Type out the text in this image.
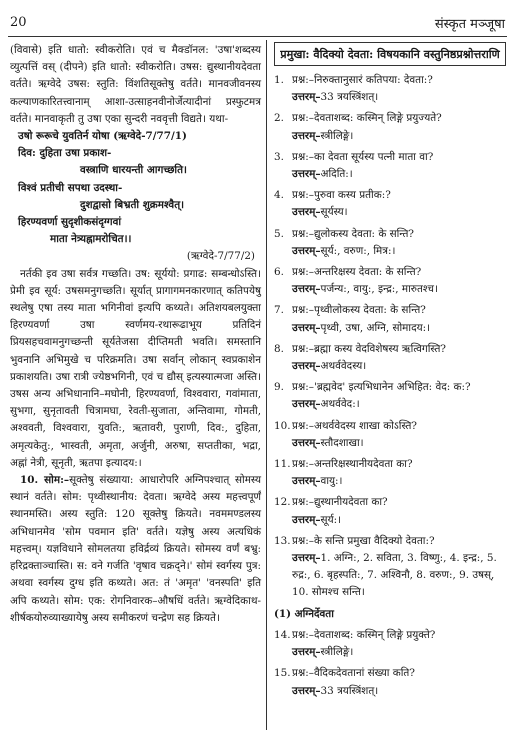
20	संस्कृत मञ्जूषा

(विवासे) इति धातो: स्वीकरोति। एवं च मैक्डॉनल: 'उषा'शब्दस्य व्युत्पत्तिं वस् (दीपने) इति धातो: स्वीकरोति। उषस: द्युस्थानीयदेवता वर्तते। ऋग्वेदे उषस: स्तुति: विंशतिसूक्तेषु वर्तते। मानवजीवनस्य कल्याणकारितत्त्वानाम् आशा-उत्साहनवीनोर्जेत्यादीनां प्रस्फुटमत्र वर्तते। मानवाकृती तु उषा एका सुन्दरी नववृत्ती विद्यते। यथा-

उषो रूरूचे युवतिर्न योषा (ऋग्वेदे-7/77/1)

दिव: दुहिता उषा प्रकाश-

वस्त्राणि धारयन्ती आगच्छति।

विश्वं प्रतीची सपथा उदस्था-

दुशद्वासो बिभ्रती शुक्रमश्वैत्।

हिरण्यवर्णा सुदृशीकसंदृग्गवां

माता नेत्र्यह्नामरोचित।।

(ऋग्वेदे-7/77/2)

नर्तकी इव उषा सर्वत्र गच्छति। उष: सूर्ययो: प्रगाढ: सम्बन्धोऽस्ति। प्रेमी इव सूर्य: उषसमनुगच्छति। सूर्यात् प्रागागमनकारणात् कतिपयेषु स्थलेषु एषा तस्य माता भगिनीवां इत्यपि कथ्यते। अतिशयबलयुक्ता हिरण्यवर्णा उषा स्वर्णमय-रथारूढाभूय प्रतिदिनं प्रियसहचवामनुगच्छन्ती सूर्यतेजसा दीप्तिमती भवति। समस्तानि भुवनानि अभिमुखे च परिक्रमति। उषा सर्वान् लोकान् स्वप्रकाशेन प्रकाशयति। उषा रात्री ज्येष्ठभगिनी, एवं च द्यौस् इत्यस्यात्मजा अस्ति। उषस अन्य अभिधानानि–मघोनी, हिरण्यवर्णा, विश्ववारा, गवांमाता, सुभगा, सुनृतावती चित्रामघा, रेवती-सुजाता, अन्तिवामा, गोमती, अश्ववती, विश्ववारा, युवति:, ऋतावरी, पुराणी, दिव:, दुहिता, अमृत्यकेतु:, भास्वती, अमृता, अर्जुनी, अरुषा, सप्ततीका, भद्रा, अह्नां नेत्री, सूनृती, ऋतपा इत्यादय:।

10. सोम:–सूक्तेषु संख्याया: आधारोपरि अग्निपश्चात् सोमस्य स्थानं वर्तते। सोम: पृथ्वीस्थानीय: देवता। ऋग्वेदे अस्य महत्त्वपूर्णं स्थानमस्ति। अस्य स्तुति: 120 सूक्तेषु क्रियते। नवममण्डलस्य अभिधानमेव 'सोम पवमान इति' वर्तते। यज्ञेषु अस्य अत्यधिकं महत्त्वम्। यज्ञविधाने सोमलतया हविर्द्रव्यं क्रियते। सोमस्य वर्णं बभ्रु: हरिद्रक्ताञ्चास्ति। स: वने गर्जति 'वृषाव चक्रद्ने।' सोमं स्वर्गस्य पुत्र: अथवा स्वर्गस्य दुग्ध इति कथ्यते। अत: तं 'अमृत' 'वनस्पति' इति अपि कथ्यते। सोम: एक: रोगनिवारक–औषधिं वर्तते। ऋग्वेदिकाथ-शीर्षकयोरुव्याख्यायेषु अस्य समीकरणं चन्द्रेण सह क्रियते।

प्रमुखा: वैदिक्यो देवता: विषयकानि वस्तुनिष्ठप्रश्नोत्तराणि
1. प्रश्न:–निरुक्तानुसारं कतिपया: देवता:?
उत्तरम्–33 त्रयस्त्रिंशत्।
2. प्रश्न:–देवताशब्द: कस्मिन् लिङ्गे प्रयुज्यते?
उत्तरम्–स्त्रीलिङ्गे।
3. प्रश्न:–का देवता सूर्यस्य पत्नी माता वा?
उत्तरम्–अदिति:।
4. प्रश्न:–पुरुवा कस्य प्रतीक:?
उत्तरम्–सूर्यस्य।
5. प्रश्न:–द्युलोकस्य देवता: के सन्ति?
उत्तरम्–सूर्य:, वरुण:, मित्र:।
6. प्रश्न:–अन्तरिक्षस्य देवता: के सन्ति?
उत्तरम्–पर्जन्य:, वायु:, इन्द्र:, मारुतश्च।
7. प्रश्न:–पृथ्वीलोकस्य देवता: के सन्ति?
उत्तरम्–पृथ्वी, उषा, अग्नि, सोमादय:।
8. प्रश्न:–ब्रह्मा कस्य वेदविशेषस्य ऋत्विगस्ति?
उत्तरम्–अथर्ववेदस्य।
9. प्रश्न:–'ब्रह्मवेद' इत्यभिधानेन अभिहित: वेद: क:?
उत्तरम्–अथर्ववेद:।
10.प्रश्न:–अथर्ववेदस्य शाखा कोऽस्ति?
उत्तरम्–स्तौदशाखा।
11.प्रश्न:–अन्तरिक्षस्थानीयदेवता का?
उत्तरम्–वायु:।
12.प्रश्न:–द्युस्थानीयदेवता का?
उत्तरम्–सूर्य:।
13.प्रश्न:–के सन्ति प्रमुखा वैदिक्यो देवता:?
उत्तरम्–1. अग्नि:, 2. सविता, 3. विष्णु:, 4. इन्द्र:, 5. रुद्र:, 6. बृहस्पति:, 7. अश्विनौ, 8. वरुण:, 9. उषस्, 10. सोमश्च सन्ति।
(1) अग्निर्देवता
14.प्रश्न:–देवताशब्द: कस्मिन् लिङ्गे प्रयुक्ते?
उत्तरम्–स्त्रीलिङ्गे।
15.प्रश्न:–वैदिकदेवतानां संख्या कति?
उत्तरम्–33 त्रयस्त्रिंशत्।
